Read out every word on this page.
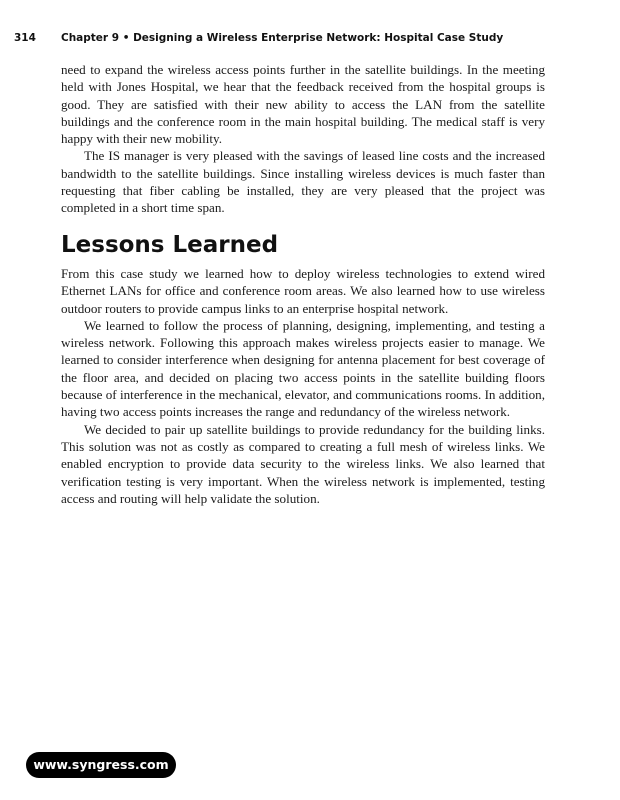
314 Chapter 9 • Designing a Wireless Enterprise Network: Hospital Case Study

need to expand the wireless access points further in the satellite buildings. In the meeting held with Jones Hospital, we hear that the feedback received from the hospital groups is good. They are satisfied with their new ability to access the LAN from the satellite buildings and the conference room in the main hospital building. The medical staff is very happy with their new mobility.

The IS manager is very pleased with the savings of leased line costs and the increased bandwidth to the satellite buildings. Since installing wireless devices is much faster than requesting that fiber cabling be installed, they are very pleased that the project was completed in a short time span.

Lessons Learned

From this case study we learned how to deploy wireless technologies to extend wired Ethernet LANs for office and conference room areas. We also learned how to use wireless outdoor routers to provide campus links to an enterprise hospital network.

We learned to follow the process of planning, designing, implementing, and testing a wireless network. Following this approach makes wireless projects easier to manage. We learned to consider interference when designing for antenna placement for best coverage of the floor area, and decided on placing two access points in the satellite building floors because of interference in the mechanical, elevator, and communications rooms. In addition, having two access points increases the range and redundancy of the wireless network.

We decided to pair up satellite buildings to provide redundancy for the building links. This solution was not as costly as compared to creating a full mesh of wireless links. We enabled encryption to provide data security to the wireless links. We also learned that verification testing is very important. When the wireless network is implemented, testing access and routing will help validate the solution.

www.syngress.com
